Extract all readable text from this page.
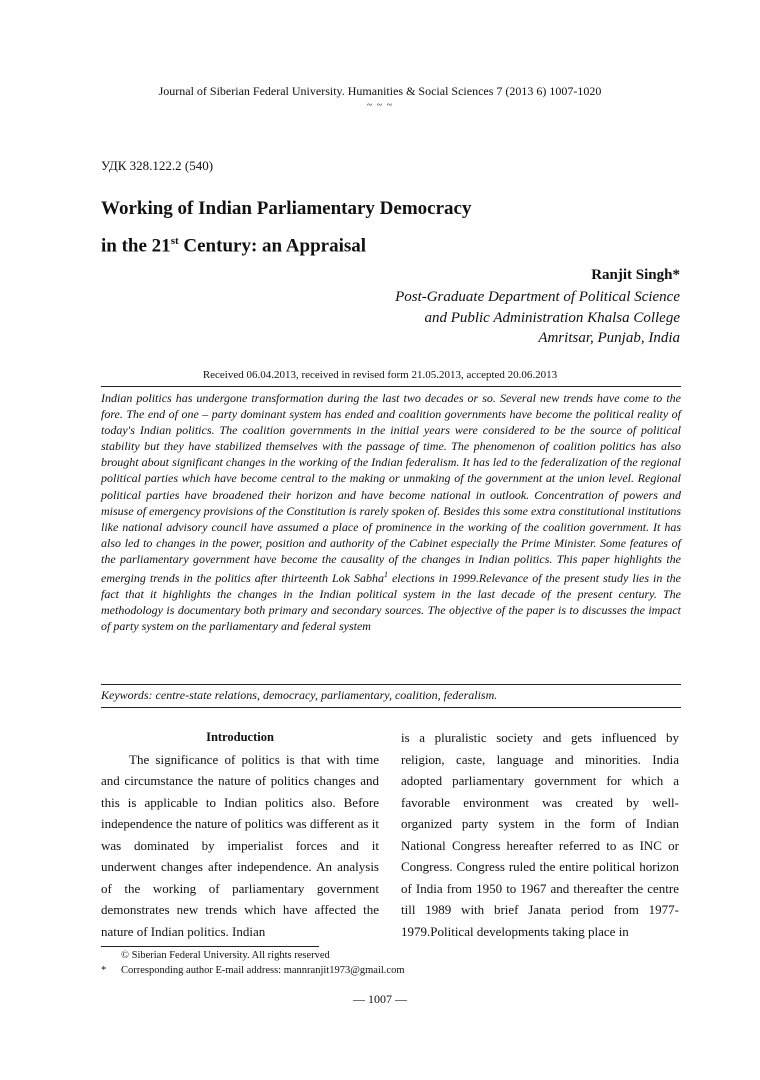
Journal of Siberian Federal University. Humanities & Social Sciences 7 (2013 6) 1007-1020
~ ~ ~
УДК 328.122.2 (540)
Working of Indian Parliamentary Democracy
in the 21st Century: an Appraisal
Ranjit Singh*
Post-Graduate Department of Political Science
and Public Administration Khalsa College
Amritsar, Punjab, India
Received 06.04.2013, received in revised form 21.05.2013, accepted 20.06.2013

Indian politics has undergone transformation during the last two decades or so. Several new trends have come to the fore. The end of one – party dominant system has ended and coalition governments have become the political reality of today's Indian politics. The coalition governments in the initial years were considered to be the source of political stability but they have stabilized themselves with the passage of time. The phenomenon of coalition politics has also brought about significant changes in the working of the Indian federalism. It has led to the federalization of the regional political parties which have become central to the making or unmaking of the government at the union level. Regional political parties have broadened their horizon and have become national in outlook. Concentration of powers and misuse of emergency provisions of the Constitution is rarely spoken of. Besides this some extra constitutional institutions like national advisory council have assumed a place of prominence in the working of the coalition government. It has also led to changes in the power, position and authority of the Cabinet especially the Prime Minister. Some features of the parliamentary government have become the causality of the changes in Indian politics. This paper highlights the emerging trends in the politics after thirteenth Lok Sabha$^1$ elections in 1999.Relevance of the present study lies in the fact that it highlights the changes in the Indian political system in the last decade of the present century. The methodology is documentary both primary and secondary sources. The objective of the paper is to discusses the impact of party system on the parliamentary and federal system

Keywords: centre-state relations, democracy, parliamentary, coalition, federalism.
Introduction

The significance of politics is that with time and circumstance the nature of politics changes and this is applicable to Indian politics also. Before independence the nature of politics was different as it was dominated by imperialist forces and it underwent changes after independence. An analysis of the working of parliamentary government demonstrates new trends which have affected the nature of Indian politics. Indian

is a pluralistic society and gets influenced by religion, caste, language and minorities. India adopted parliamentary government for which a favorable environment was created by well-organized party system in the form of Indian National Congress hereafter referred to as INC or Congress. Congress ruled the entire political horizon of India from 1950 to 1967 and thereafter the centre till 1989 with brief Janata period from 1977-1979.Political developments taking place in

© Siberian Federal University. All rights reserved
* Corresponding author E-mail address: mannranjit1973@gmail.com
— 1007 —
